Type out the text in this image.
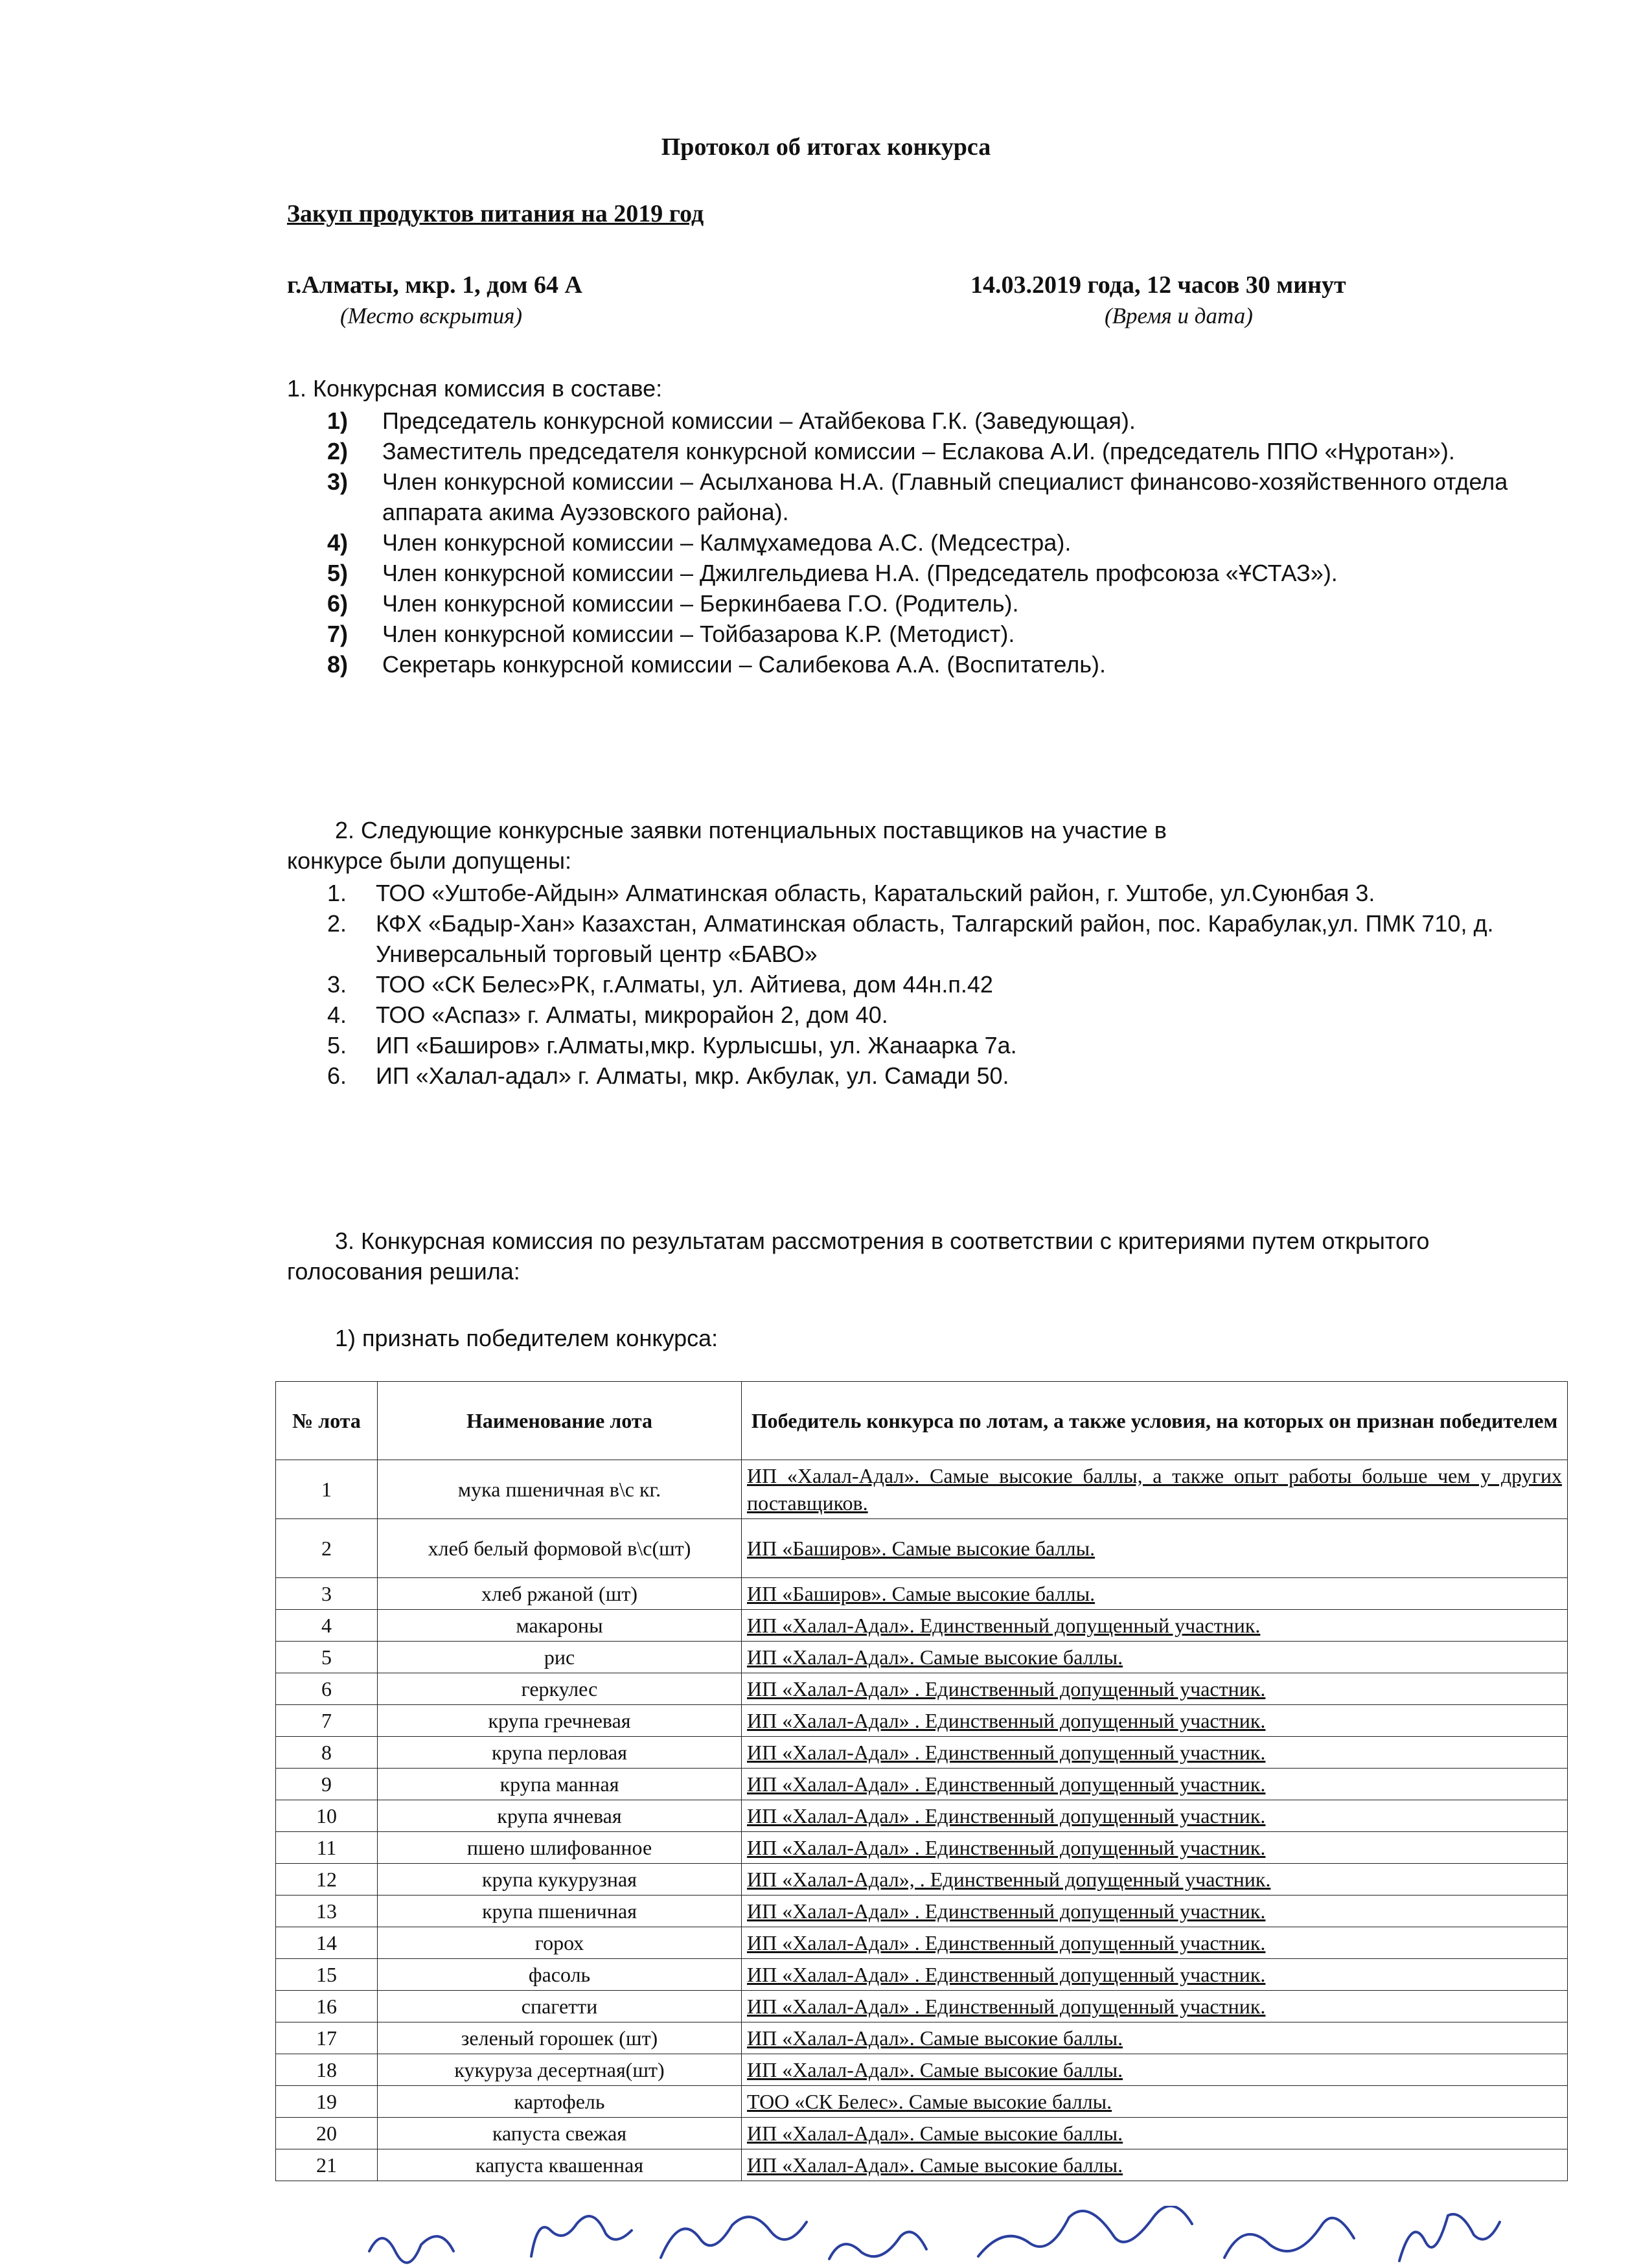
Протокол об итогах конкурса
Закуп продуктов питания на 2019 год
г.Алматы, мкр. 1, дом 64 А	14.03.2019 года, 12 часов 30 минут
(Место вскрытия)	(Время и дата)
1. Конкурсная комиссия в составе:
1)	Председатель конкурсной комиссии – Атайбекова Г.К. (Заведующая).
2)	Заместитель председателя конкурсной комиссии – Еслакова А.И. (председатель ППО «Нұротан»).
3)	Член конкурсной комиссии – Асылханова Н.А. (Главный специалист финансово-хозяйственного отдела аппарата акима Ауэзовского района).
4)	Член конкурсной комиссии – Калмұхамедова А.С. (Медсестра).
5)	Член конкурсной комиссии – Джилгельдиева Н.А. (Председатель профсоюза «ҰСТАЗ»).
6)	Член конкурсной комиссии – Беркинбаева Г.О. (Родитель).
7)	Член конкурсной комиссии – Тойбазарова К.Р. (Методист).
8)	Секретарь конкурсной комиссии – Салибекова А.А. (Воспитатель).
2. Следующие конкурсные заявки потенциальных поставщиков на участие в конкурсе были допущены:
1.	ТОО «Уштобе-Айдын» Алматинская область, Каратальский район, г. Уштобе, ул.Суюнбая 3.
2.	КФХ «Бадыр-Хан» Казахстан, Алматинская область, Талгарский район, пос. Карабулак,ул. ПМК 710, д. Универсальный торговый центр «БАВО»
3.	ТОО «СК Белес»РК, г.Алматы, ул. Айтиева, дом 44н.п.42
4.	ТОО «Аспаз» г. Алматы, микрорайон 2, дом 40.
5.	ИП «Баширов» г.Алматы,мкр. Курлысшы, ул. Жанаарка 7а.
6.	ИП «Халал-адал» г. Алматы, мкр. Акбулак, ул. Самади 50.
3. Конкурсная комиссия по результатам рассмотрения в соответствии с критериями путем открытого голосования решила:
1) признать победителем конкурса:
№ лота	Наименование лота	Победитель конкурса по лотам, а также условия, на которых он признан победителем
1	мука пшеничная в\с кг.	ИП «Халал-Адал». Самые высокие баллы, а также опыт работы больше чем у других поставщиков.
2	хлеб белый формовой в\с(шт)	ИП «Баширов». Самые высокие баллы.
3	хлеб ржаной (шт)	ИП «Баширов». Самые высокие баллы.
4	макароны	ИП «Халал-Адал». Единственный допущенный участник.
5	рис	ИП «Халал-Адал». Самые высокие баллы.
6	геркулес	ИП «Халал-Адал» . Единственный допущенный участник.
7	крупа гречневая	ИП «Халал-Адал» . Единственный допущенный участник.
8	крупа перловая	ИП «Халал-Адал» . Единственный допущенный участник.
9	крупа манная	ИП «Халал-Адал» . Единственный допущенный участник.
10	крупа ячневая	ИП «Халал-Адал» . Единственный допущенный участник.
11	пшено шлифованное	ИП «Халал-Адал» . Единственный допущенный участник.
12	крупа кукурузная	ИП «Халал-Адал», . Единственный допущенный участник.
13	крупа пшеничная	ИП «Халал-Адал» . Единственный допущенный участник.
14	горох	ИП «Халал-Адал» . Единственный допущенный участник.
15	фасоль	ИП «Халал-Адал» . Единственный допущенный участник.
16	спагетти	ИП «Халал-Адал» . Единственный допущенный участник.
17	зеленый горошек (шт)	ИП «Халал-Адал». Самые высокие баллы.
18	кукуруза десертная(шт)	ИП «Халал-Адал». Самые высокие баллы.
19	картофель	ТОО «СК Белес». Самые высокие баллы.
20	капуста свежая	ИП «Халал-Адал». Самые высокие баллы.
21	капуста квашенная	ИП «Халал-Адал». Самые высокие баллы.
